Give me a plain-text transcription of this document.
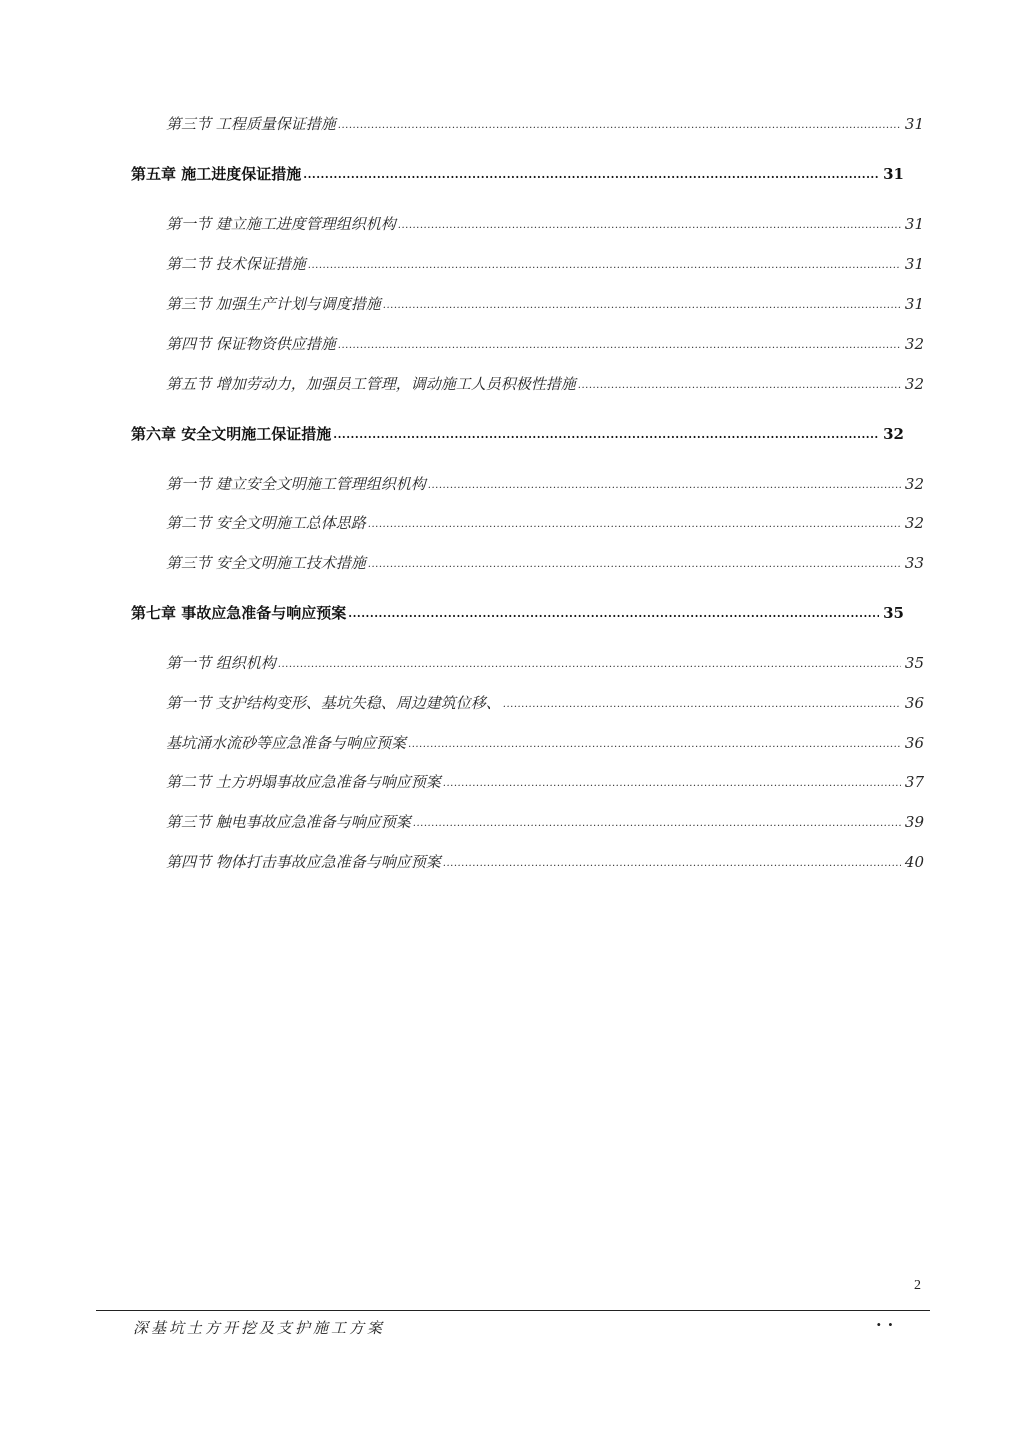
第三节 工程质量保证措施 .....	31
第五章 施工进度保证措施 .....	31
第一节 建立施工进度管理组织机构 .....	31
第二节 技术保证措施 .....	31
第三节 加强生产计划与调度措施 .....	31
第四节 保证物资供应措施 .....	32
第五节 增加劳动力，加强员工管理，调动施工人员积极性措施 .....	32
第六章 安全文明施工保证措施 .....	32
第一节 建立安全文明施工管理组织机构 .....	32
第二节 安全文明施工总体思路 .....	32
第三节 安全文明施工技术措施 .....	33
第七章 事故应急准备与响应预案 .....	35
第一节 组织机构 .....	35
第一节 支护结构变形、基坑失稳、周边建筑位移、 .....	36
基坑涌水流砂等应急准备与响应预案 .....	36
第二节 土方坍塌事故应急准备与响应预案 .....	37
第三节 触电事故应急准备与响应预案 .....	39
第四节 物体打击事故应急准备与响应预案 .....	40
2
深基坑土方开挖及支护施工方案	··
